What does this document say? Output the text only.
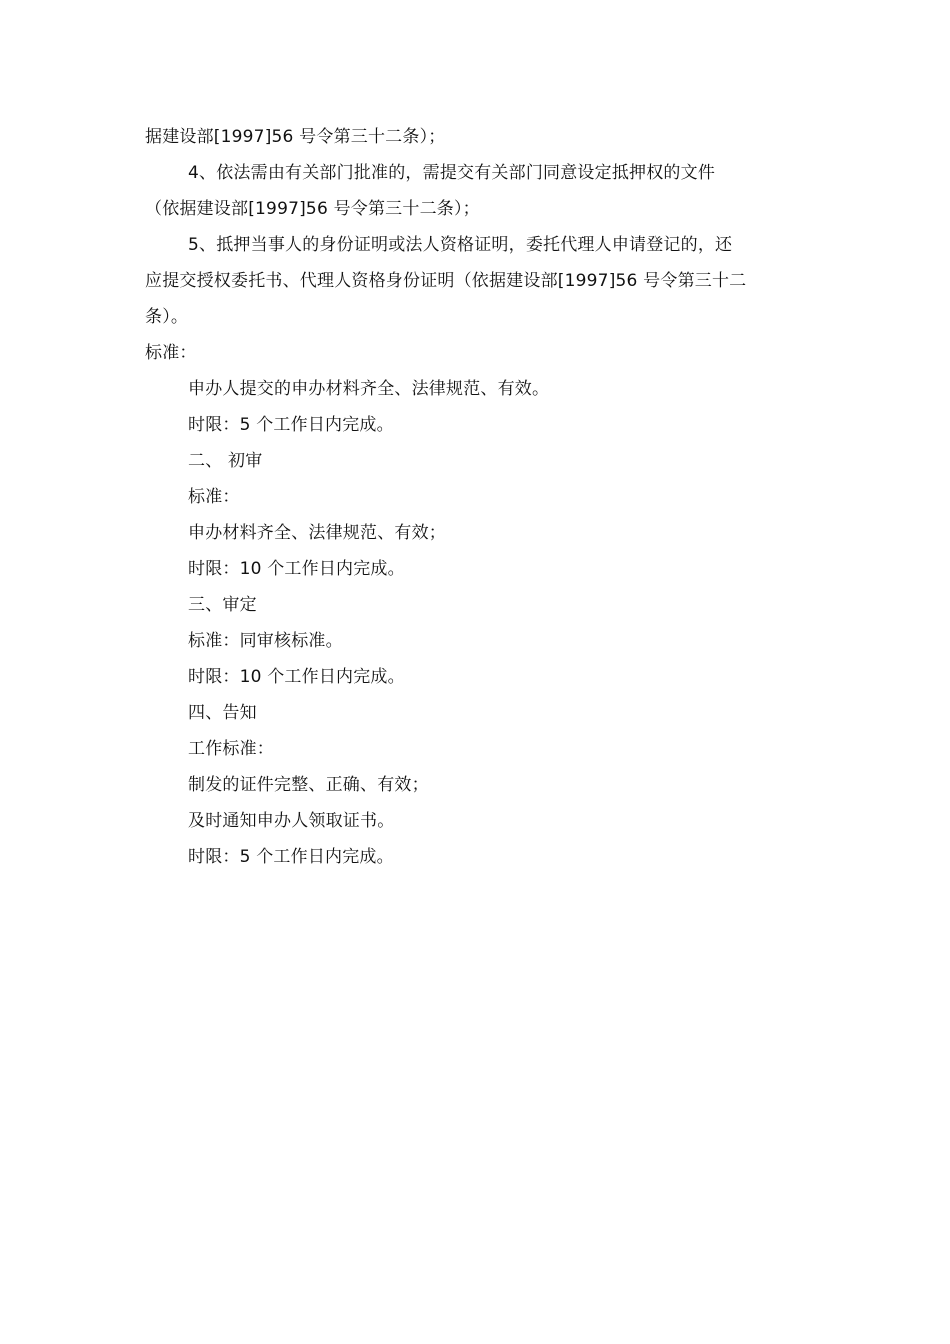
据建设部[1997]56 号令第三十二条）；
4、依法需由有关部门批准的，需提交有关部门同意设定抵押权的文件
（依据建设部[1997]56 号令第三十二条）；
5、抵押当事人的身份证明或法人资格证明，委托代理人申请登记的，还
应提交授权委托书、代理人资格身份证明（依据建设部[1997]56 号令第三十二
条）。
标准：
申办人提交的申办材料齐全、法律规范、有效。
时限：5 个工作日内完成。
二、 初审
标准：
申办材料齐全、法律规范、有效；
时限：10 个工作日内完成。
三、审定
标准：同审核标准。
时限：10 个工作日内完成。
四、告知
工作标准：
制发的证件完整、正确、有效；
及时通知申办人领取证书。
时限：5 个工作日内完成。
